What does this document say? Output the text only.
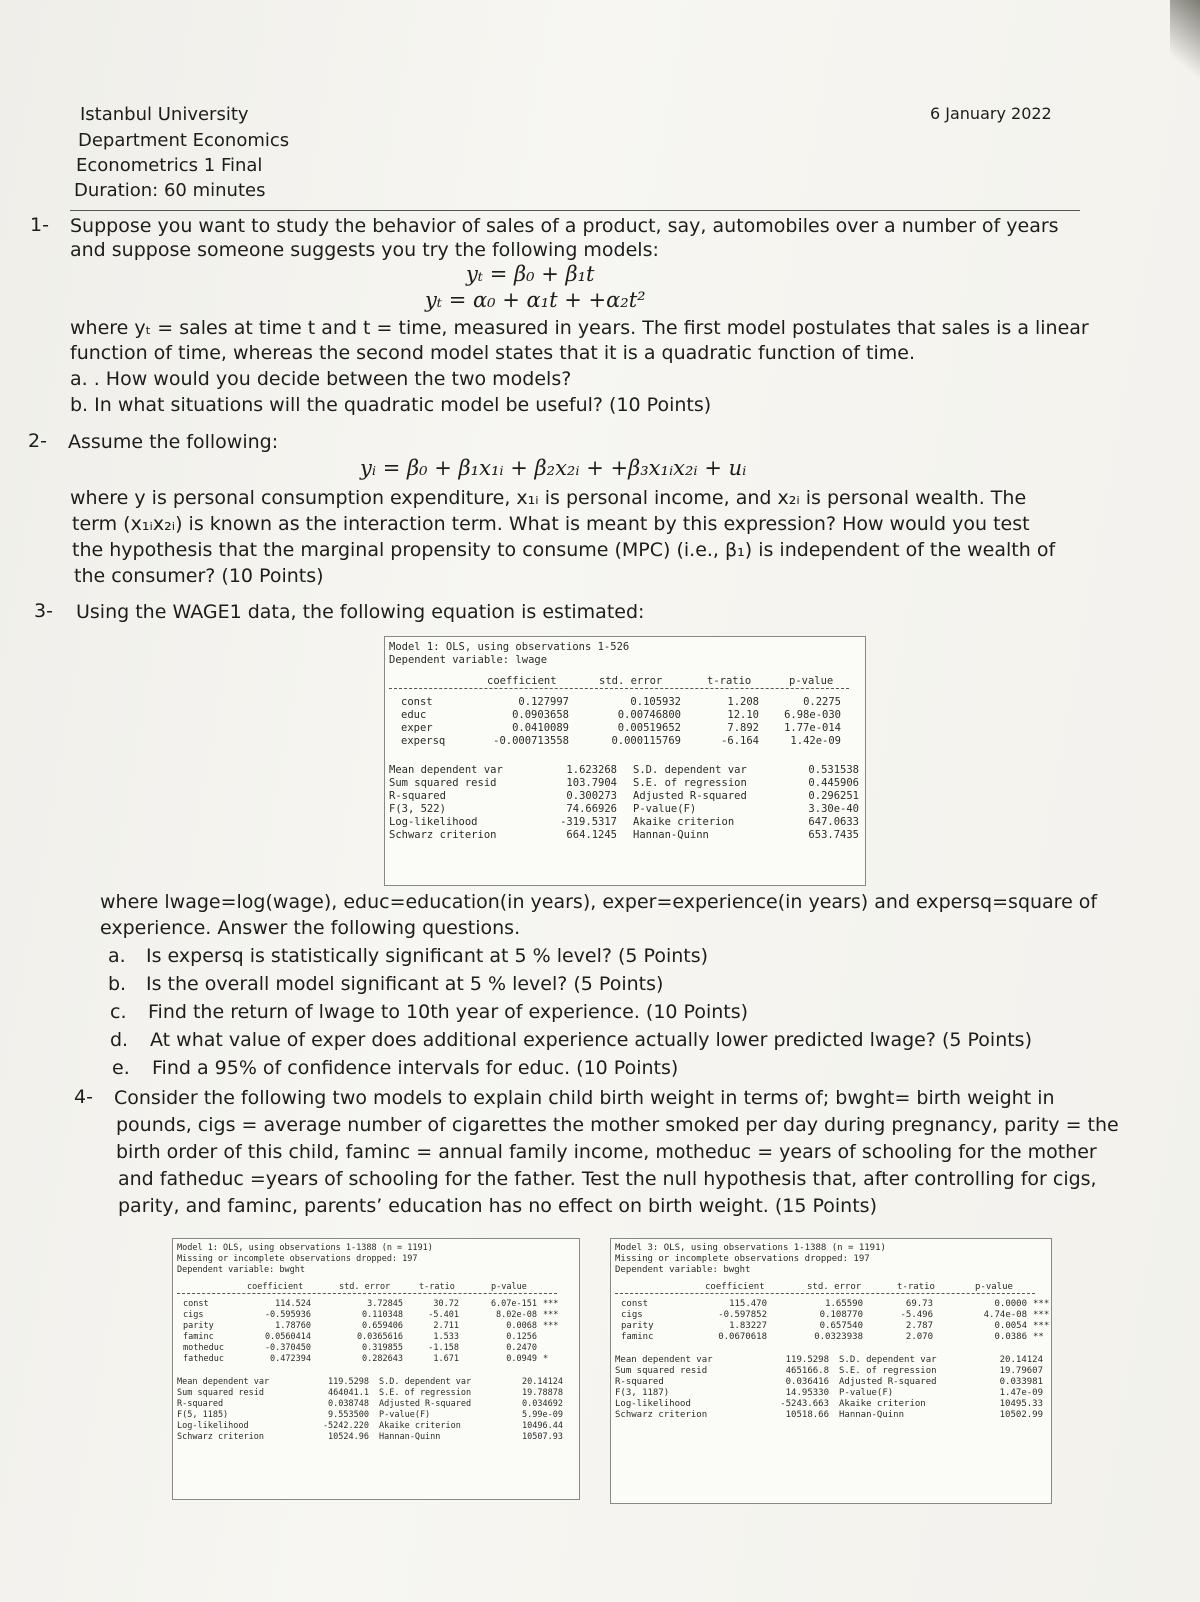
Istanbul University
Department Economics
Econometrics 1 Final
Duration: 60 minutes
6 January 2022
1- Suppose you want to study the behavior of sales of a product, say, automobiles over a number of years
and suppose someone suggests you try the following models:
yₜ = β₀ + β₁t
yₜ = α₀ + α₁t + +α₂t²
where yₜ = sales at time t and t = time, measured in years. The first model postulates that sales is a linear
function of time, whereas the second model states that it is a quadratic function of time.
a. . How would you decide between the two models?
b. In what situations will the quadratic model be useful? (10 Points)
2- Assume the following:
yᵢ = β₀ + β₁x₁ᵢ + β₂x₂ᵢ + +β₃x₁ᵢx₂ᵢ + uᵢ
where y is personal consumption expenditure, x₁ᵢ is personal income, and x₂ᵢ is personal wealth. The
term (x₁ᵢx₂ᵢ) is known as the interaction term. What is meant by this expression? How would you test
the hypothesis that the marginal propensity to consume (MPC) (i.e., β₁) is independent of the wealth of
the consumer? (10 Points)
3- Using the WAGE1 data, the following equation is estimated:
Model 1: OLS, using observations 1-526
Dependent variable: lwage
coefficient	std. error	t-ratio	p-value
const	0.127997	0.105932	1.208	0.2275
educ	0.0903658	0.00746800	12.10	6.98e-030
exper	0.0410089	0.00519652	7.892	1.77e-014
expersq	-0.000713558	0.000115769	-6.164	1.42e-09
Mean dependent var	1.623268 S.D. dependent var	0.531538
Sum squared resid	103.7904 S.E. of regression	0.445906
R-squared	0.300273 Adjusted R-squared	0.296251
F(3, 522)	74.66926 P-value(F)	3.30e-40
Log-likelihood	-319.5317 Akaike criterion	647.0633
Schwarz criterion	664.1245 Hannan-Quinn	653.7435
where lwage=log(wage), educ=education(in years), exper=experience(in years) and expersq=square of
experience. Answer the following questions.
a. Is expersq is statistically significant at 5 % level? (5 Points)
b. Is the overall model significant at 5 % level? (5 Points)
c. Find the return of lwage to 10th year of experience. (10 Points)
d. At what value of exper does additional experience actually lower predicted lwage? (5 Points)
e. Find a 95% of confidence intervals for educ. (10 Points)
4- Consider the following two models to explain child birth weight in terms of; bwght= birth weight in
pounds, cigs = average number of cigarettes the mother smoked per day during pregnancy, parity = the
birth order of this child, faminc = annual family income, motheduc = years of schooling for the mother
and fatheduc =years of schooling for the father. Test the null hypothesis that, after controlling for cigs,
parity, and faminc, parents’ education has no effect on birth weight. (15 Points)
Model 1: OLS, using observations 1-1388 (n = 1191)
Missing or incomplete observations dropped: 197
Dependent variable: bwght
coefficient	std. error	t-ratio	p-value
const	114.524	3.72845	30.72	6.07e-151 ***
cigs	-0.595936	0.110348	-5.401	8.02e-08 ***
parity	1.78760	0.659406	2.711	0.0068 ***
faminc	0.0560414	0.0365616	1.533	0.1256
motheduc	-0.370450	0.319855	-1.158	0.2470
fatheduc	0.472394	0.282643	1.671	0.0949 *
Mean dependent var	119.5298 S.D. dependent var	20.14124
Sum squared resid	464041.1 S.E. of regression	19.78878
R-squared	0.038748 Adjusted R-squared	0.034692
F(5, 1185)	9.553500 P-value(F)	5.99e-09
Log-likelihood	-5242.220 Akaike criterion	10496.44
Schwarz criterion	10524.96 Hannan-Quinn	10507.93
Model 3: OLS, using observations 1-1388 (n = 1191)
Missing or incomplete observations dropped: 197
Dependent variable: bwght
coefficient	std. error	t-ratio	p-value
const	115.470	1.65590	69.73	0.0000 ***
cigs	-0.597852	0.108770	-5.496	4.74e-08 ***
parity	1.83227	0.657540	2.787	0.0054 ***
faminc	0.0670618	0.0323938	2.070	0.0386 **
Mean dependent var	119.5298 S.D. dependent var	20.14124
Sum squared resid	465166.8 S.E. of regression	19.79607
R-squared	0.036416 Adjusted R-squared	0.033981
F(3, 1187)	14.95330 P-value(F)	1.47e-09
Log-likelihood	-5243.663 Akaike criterion	10495.33
Schwarz criterion	10518.66 Hannan-Quinn	10502.99
